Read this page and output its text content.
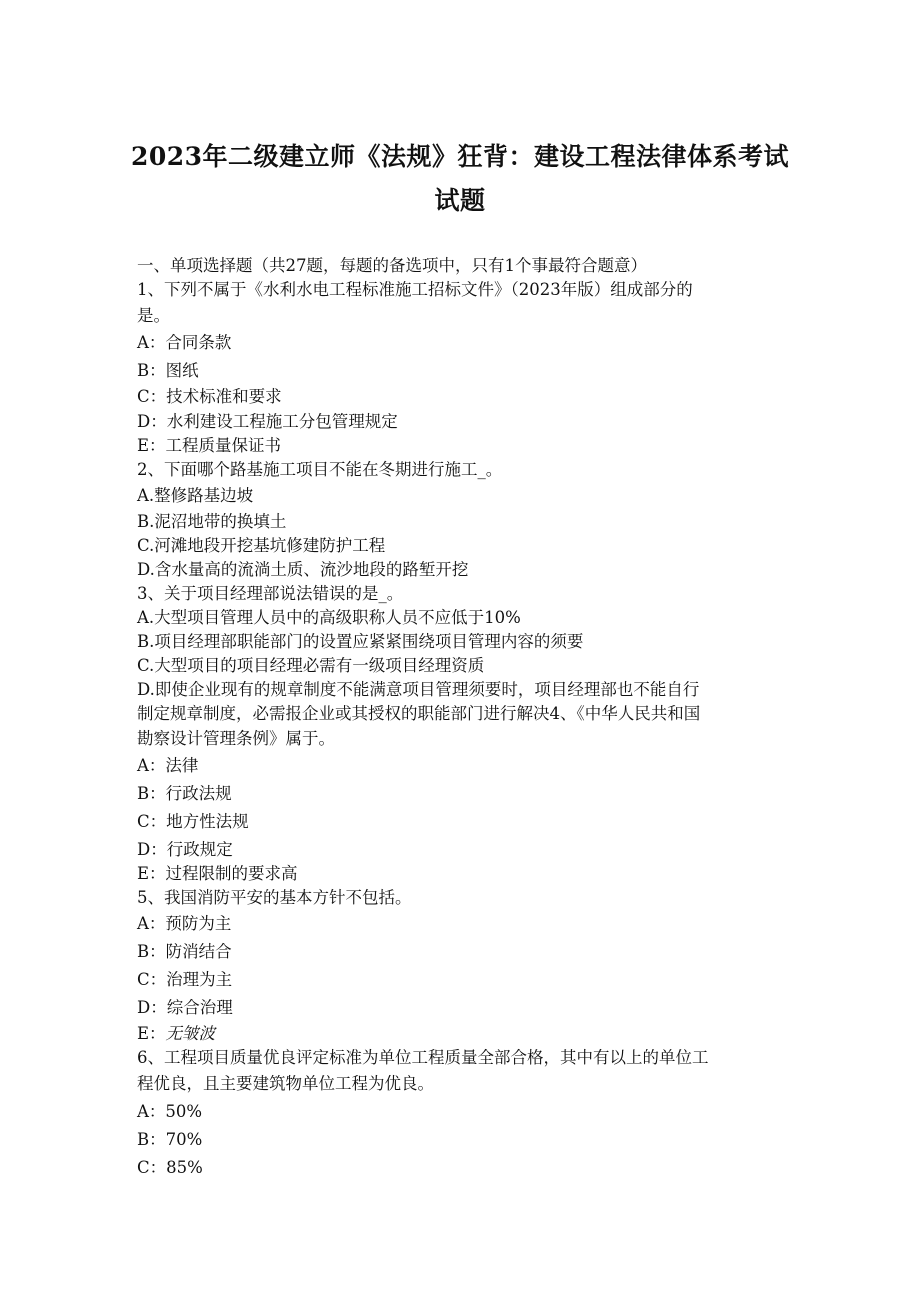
2023年二级建立师《法规》狂背：建设工程法律体系考试
试题
一、单项选择题（共27题，每题的备选项中，只有1个事最符合题意）
1、下列不属于《水利水电工程标准施工招标文件》（2023年版）组成部分的
是。
A：合同条款
B：图纸
C：技术标准和要求
D：水利建设工程施工分包管理规定
E：工程质量保证书
2、下面哪个路基施工项目不能在冬期进行施工_。
A.整修路基边坡
B.泥沼地带的换填土
C.河滩地段开挖基坑修建防护工程
D.含水量高的流淌土质、流沙地段的路堑开挖
3、关于项目经理部说法错误的是_。
A.大型项目管理人员中的高级职称人员不应低于10%
B.项目经理部职能部门的设置应紧紧围绕项目管理内容的须要
C.大型项目的项目经理必需有一级项目经理资质
D.即使企业现有的规章制度不能满意项目管理须要时，项目经理部也不能自行
制定规章制度，必需报企业或其授权的职能部门进行解决4、《中华人民共和国
勘察设计管理条例》属于。
A：法律
B：行政法规
C：地方性法规
D：行政规定
E：过程限制的要求高
5、我国消防平安的基本方针不包括。
A：预防为主
B：防消结合
C：治理为主
D：综合治理
E：无皱波
6、工程项目质量优良评定标准为单位工程质量全部合格，其中有以上的单位工
程优良，且主要建筑物单位工程为优良。
A：50%
B：70%
C：85%
